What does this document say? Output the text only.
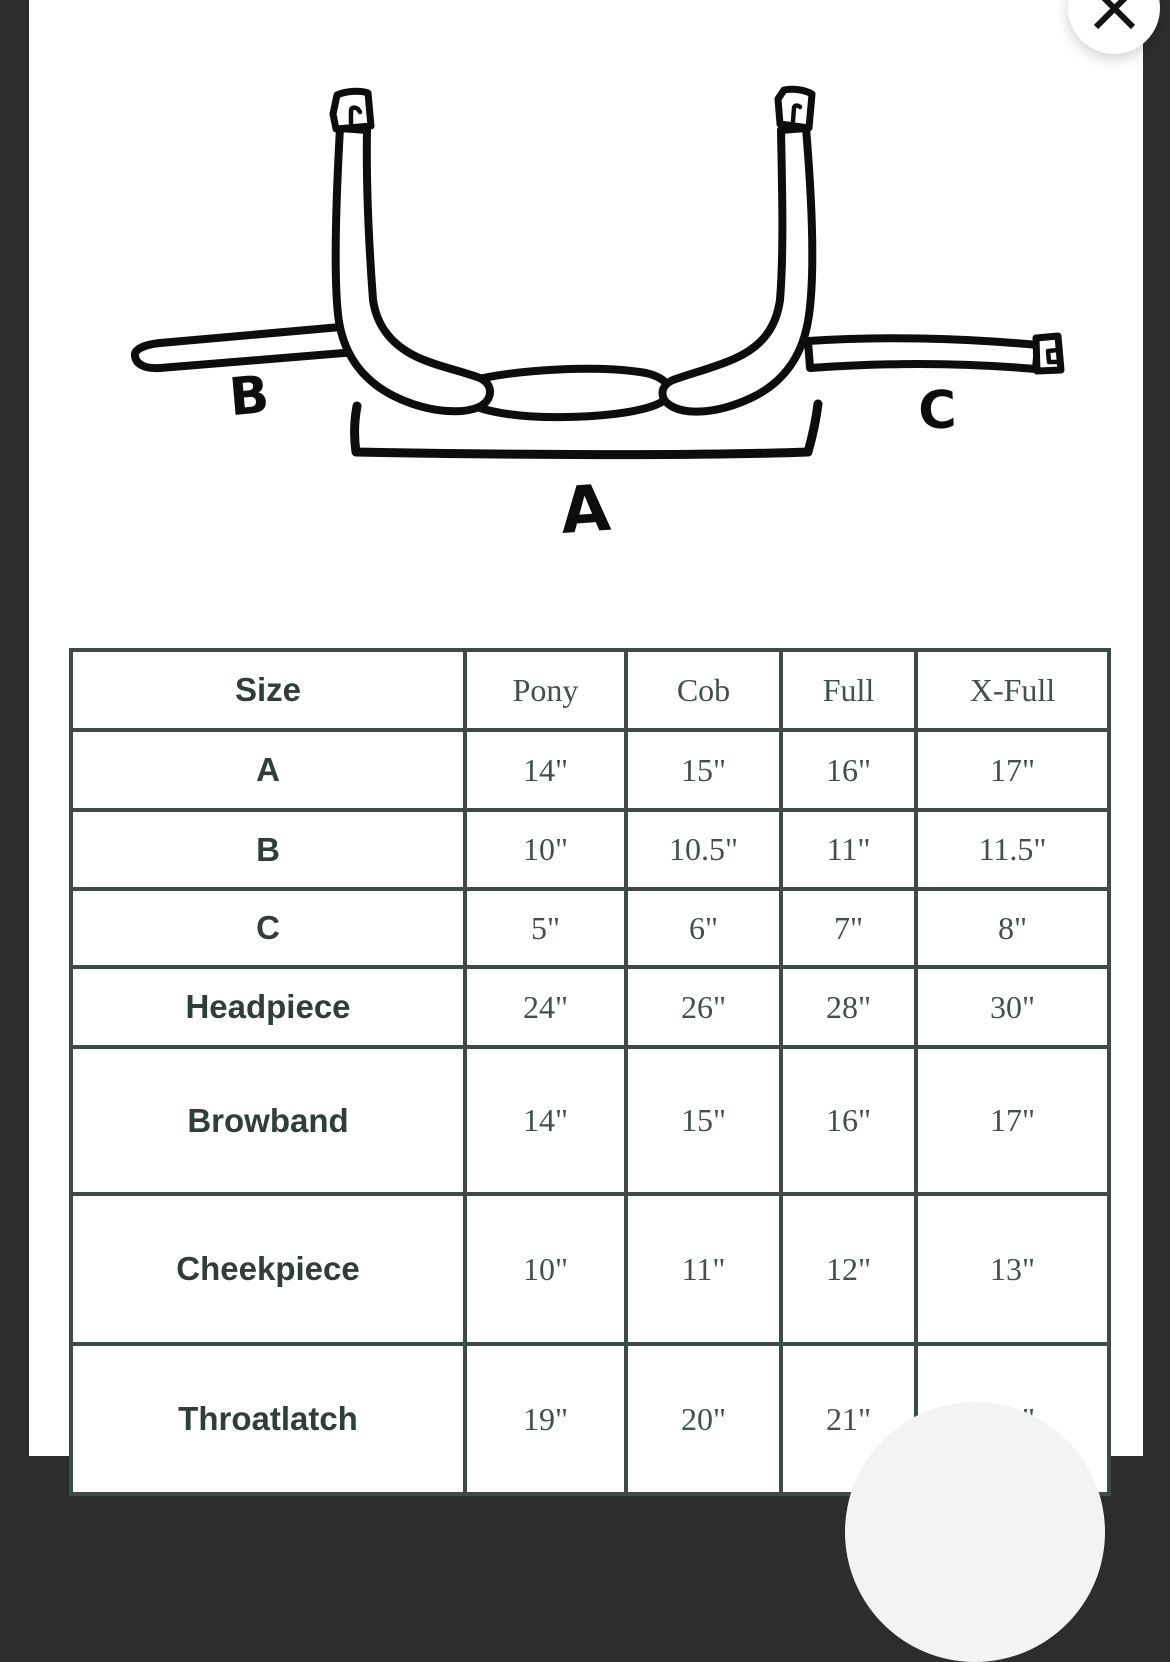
B
A
C
Size	Pony	Cob	Full	X-Full
A	14"	15"	16"	17"
B	10"	10.5"	11"	11.5"
C	5"	6"	7"	8"
Headpiece	24"	26"	28"	30"
Browband	14"	15"	16"	17"
Cheekpiece	10"	11"	12"	13"
Throatlatch	19"	20"	21"	
